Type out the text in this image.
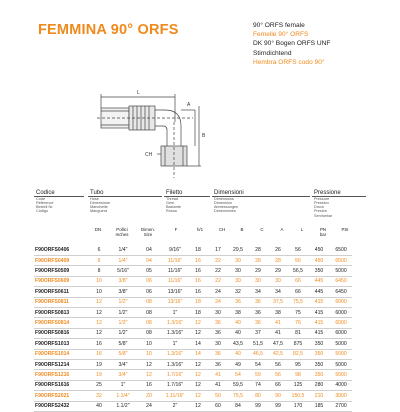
FEMMINA 90° ORFS	90° ORFS female
Femelle 90° ORFS
DK 90° Bogen ORFS UNF
Stirndichtend
Hembra ORFS codo 90°
L
A
B
CH
Codice
Code
Référence
Bestell Nr.
Código
Tubo
Hose
Dimensione
Manchette
Manguera
Filetto
Thread
Gew
Bastante
Rosca
Dimensioni
Dimensions
Dimension
Abmessungen
Dimensiones
Pressione
Pressure
Pression
Druck
Presión
Servicebar
DN	Pollici
Inches
Dimen.
Size
F	h/1	CH	B	C	A	L	PN
bar
PSI
F90ORFS0406	6	1/4"	04	9/16"	18	17	29,5	28	26	56	450	6500
F90ORFS0409	6	1/4"	04	11/16"	16	22	30	28	28	56	450	6500
F90ORFS0509	8	5/16"	05	11/16"	16	22	30	29	29	56,5	350	5000
F90ORFS0609	10	3/8"	06	11/16"	16	22	30	30	30	66	445	6450
F90ORFS0611	10	3/8"	06	13/16"	16	24	32	34	34	66	445	6450
F90ORFS0811	12	1/2"	08	13/16"	18	24	36	36	37,5	75,5	415	6000
F90ORFS0813	12	1/2"	08	1"	18	30	38	36	38	75	415	6000
F90ORFS0814	12	1/2"	08	1.3/16"	12	36	40	36	41	76	415	6000
F90ORFS0816	12	1/2"	08	1.3/16"	12	36	40	37	41	81	415	6000
F90ORFS1013	16	5/8"	10	1"	14	30	43,5	51,5	47,5	875	350	5000
F90ORFS1014	16	5/8"	10	1.3/16"	14	36	40	46,5	42,5	82,5	350	5000
F90ORFS1214	19	3/4"	12	1.3/16"	12	36	49	54	56	95	350	5000
F90ORFS1216	19	3/4"	12	1.7/16"	12	41	54	59	56	98	350	5000
F90ORFS1616	25	1"	16	1.7/16"	12	41	59,5	74	66	125	280	4000
F90ORFS2021	32	1.1/4"	20	1.11/16"	12	50	75,5	80	90	150,5	210	3000
F90ORFS2432	40	1.1/2"	24	2"	12	60	84	99	99	170	185	2700
